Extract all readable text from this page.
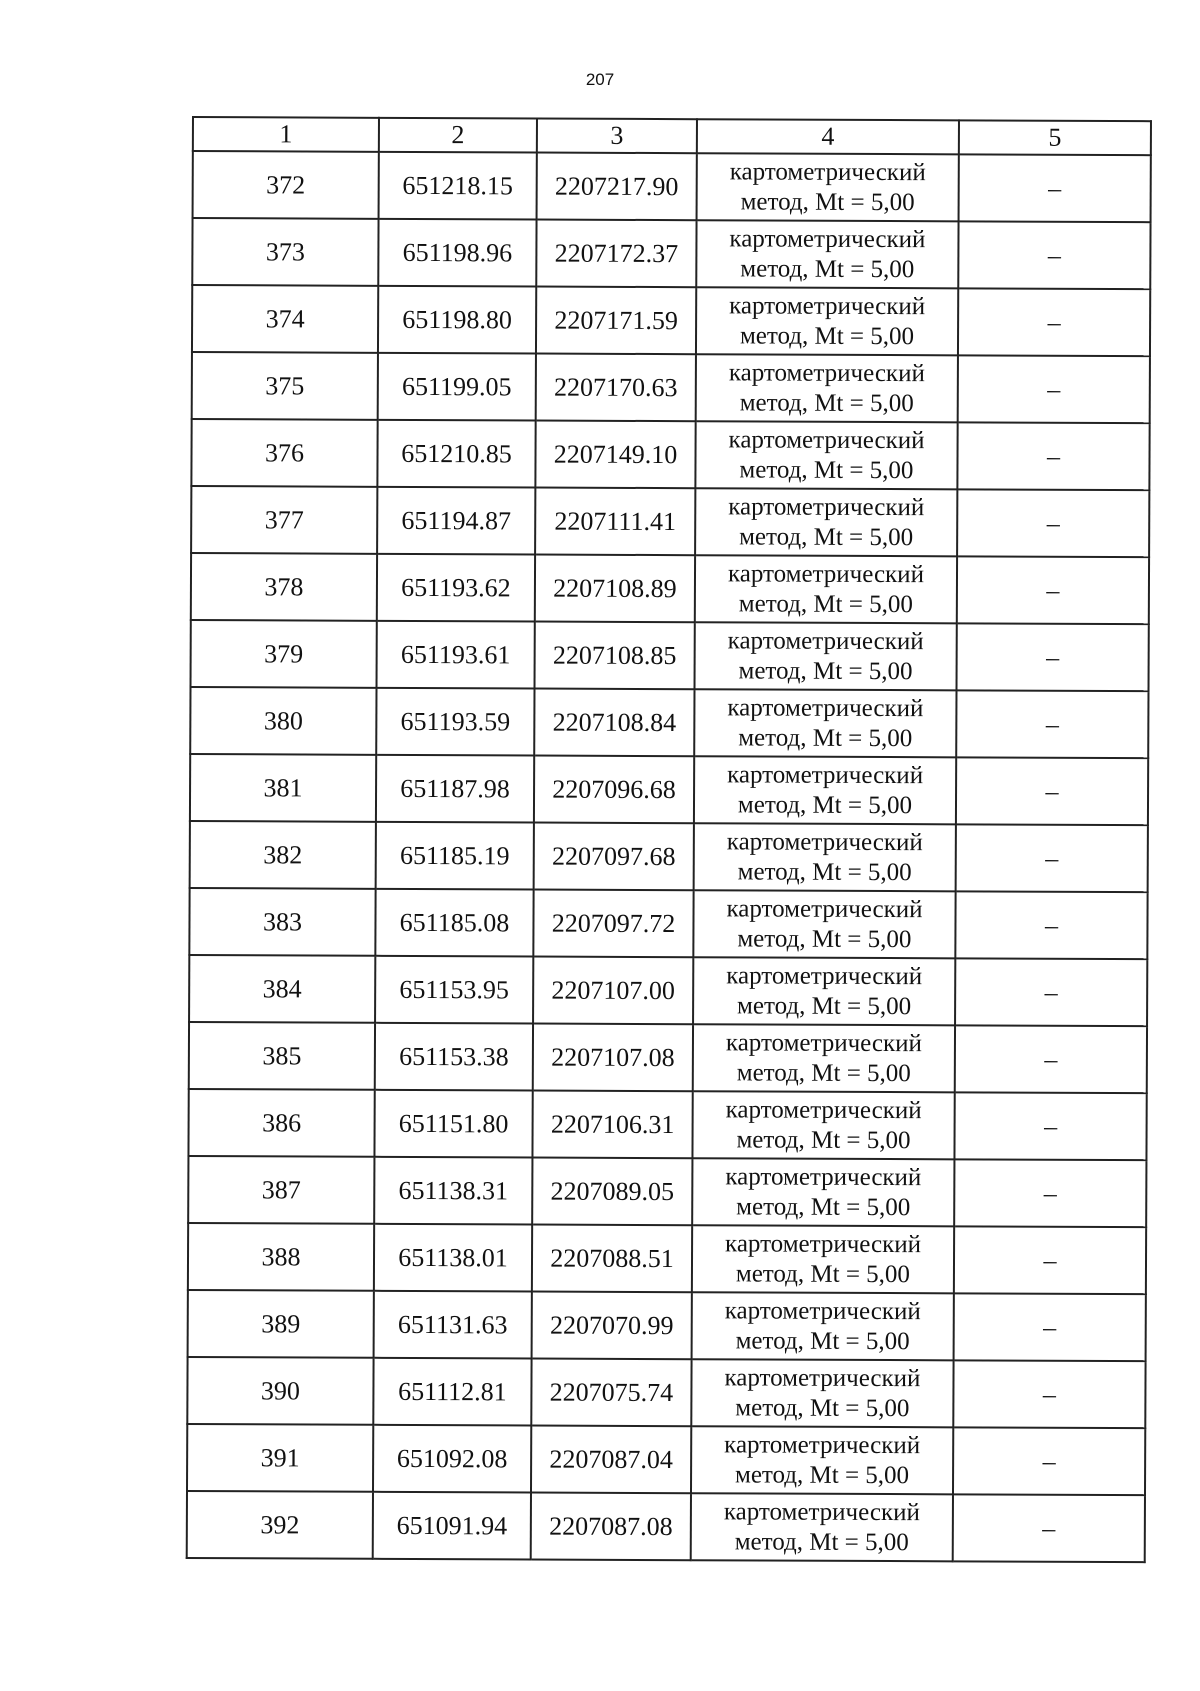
207
1	2	3	4	5
372	651218.15	2207217.90	картометрический
метод, Mt = 5,00	–
373	651198.96	2207172.37	картометрический
метод, Mt = 5,00	–
374	651198.80	2207171.59	картометрический
метод, Mt = 5,00	–
375	651199.05	2207170.63	картометрический
метод, Mt = 5,00	–
376	651210.85	2207149.10	картометрический
метод, Mt = 5,00	–
377	651194.87	2207111.41	картометрический
метод, Mt = 5,00	–
378	651193.62	2207108.89	картометрический
метод, Mt = 5,00	–
379	651193.61	2207108.85	картометрический
метод, Mt = 5,00	–
380	651193.59	2207108.84	картометрический
метод, Mt = 5,00	–
381	651187.98	2207096.68	картометрический
метод, Mt = 5,00	–
382	651185.19	2207097.68	картометрический
метод, Mt = 5,00	–
383	651185.08	2207097.72	картометрический
метод, Mt = 5,00	–
384	651153.95	2207107.00	картометрический
метод, Mt = 5,00	–
385	651153.38	2207107.08	картометрический
метод, Mt = 5,00	–
386	651151.80	2207106.31	картометрический
метод, Mt = 5,00	–
387	651138.31	2207089.05	картометрический
метод, Mt = 5,00	–
388	651138.01	2207088.51	картометрический
метод, Mt = 5,00	–
389	651131.63	2207070.99	картометрический
метод, Mt = 5,00	–
390	651112.81	2207075.74	картометрический
метод, Mt = 5,00	–
391	651092.08	2207087.04	картометрический
метод, Mt = 5,00	–
392	651091.94	2207087.08	картометрический
метод, Mt = 5,00	–
